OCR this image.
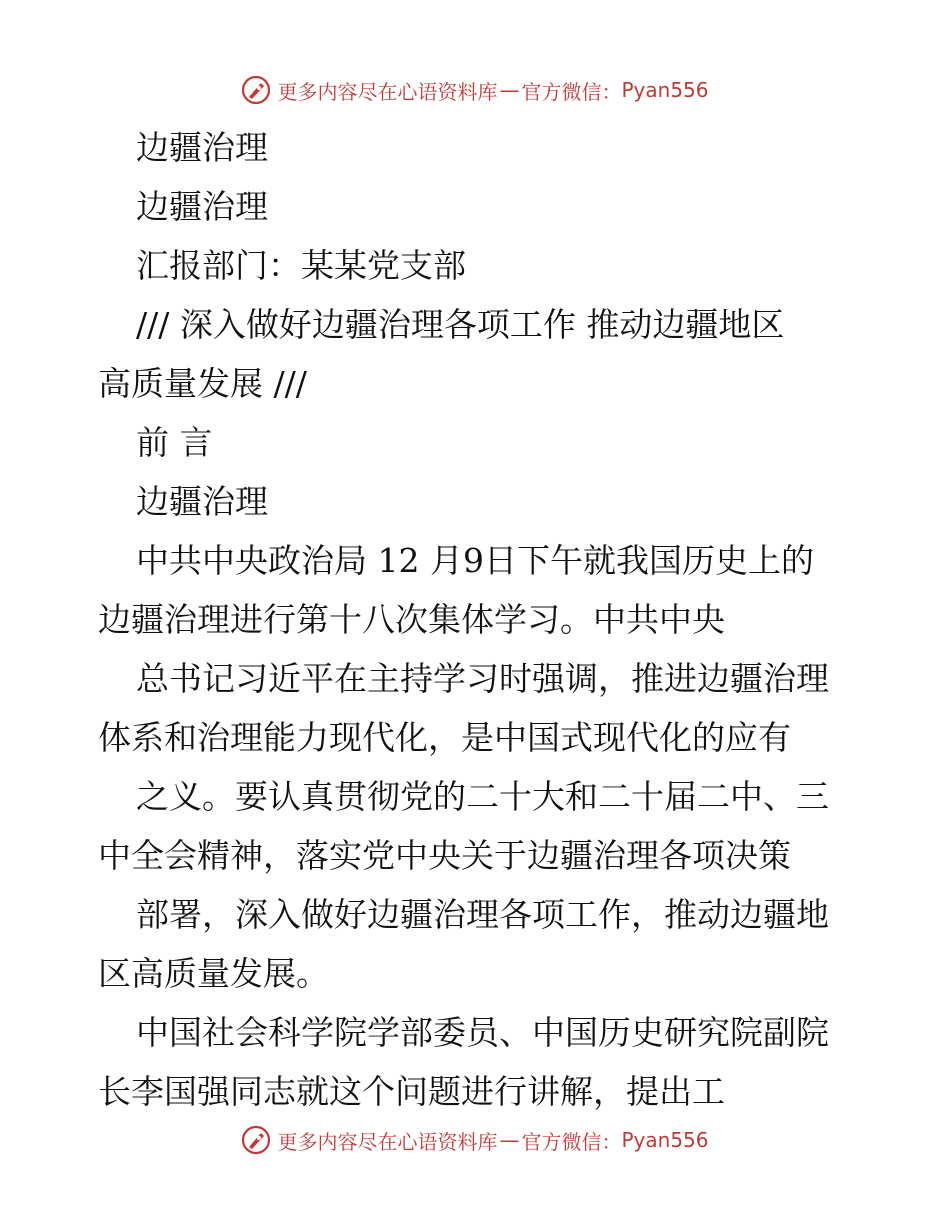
更多内容尽在心语资料库 — 官方微信： Pyan556

边疆治理

边疆治理

汇报部门：某某党支部

/// 深入做好边疆治理各项工作 推动边疆地区

高质量发展 ///

前 言

边疆治理

中共中央政治局 12 月9日下午就我国历史上的

边疆治理进行第十八次集体学习。中共中央

总书记习近平在主持学习时强调，推进边疆治理

体系和治理能力现代化，是中国式现代化的应有

之义。要认真贯彻党的二十大和二十届二中、三

中全会精神，落实党中央关于边疆治理各项决策

部署，深入做好边疆治理各项工作，推动边疆地

区高质量发展。

中国社会科学院学部委员、中国历史研究院副院

长李国强同志就这个问题进行讲解，提出工

更多内容尽在心语资料库 — 官方微信： Pyan556
